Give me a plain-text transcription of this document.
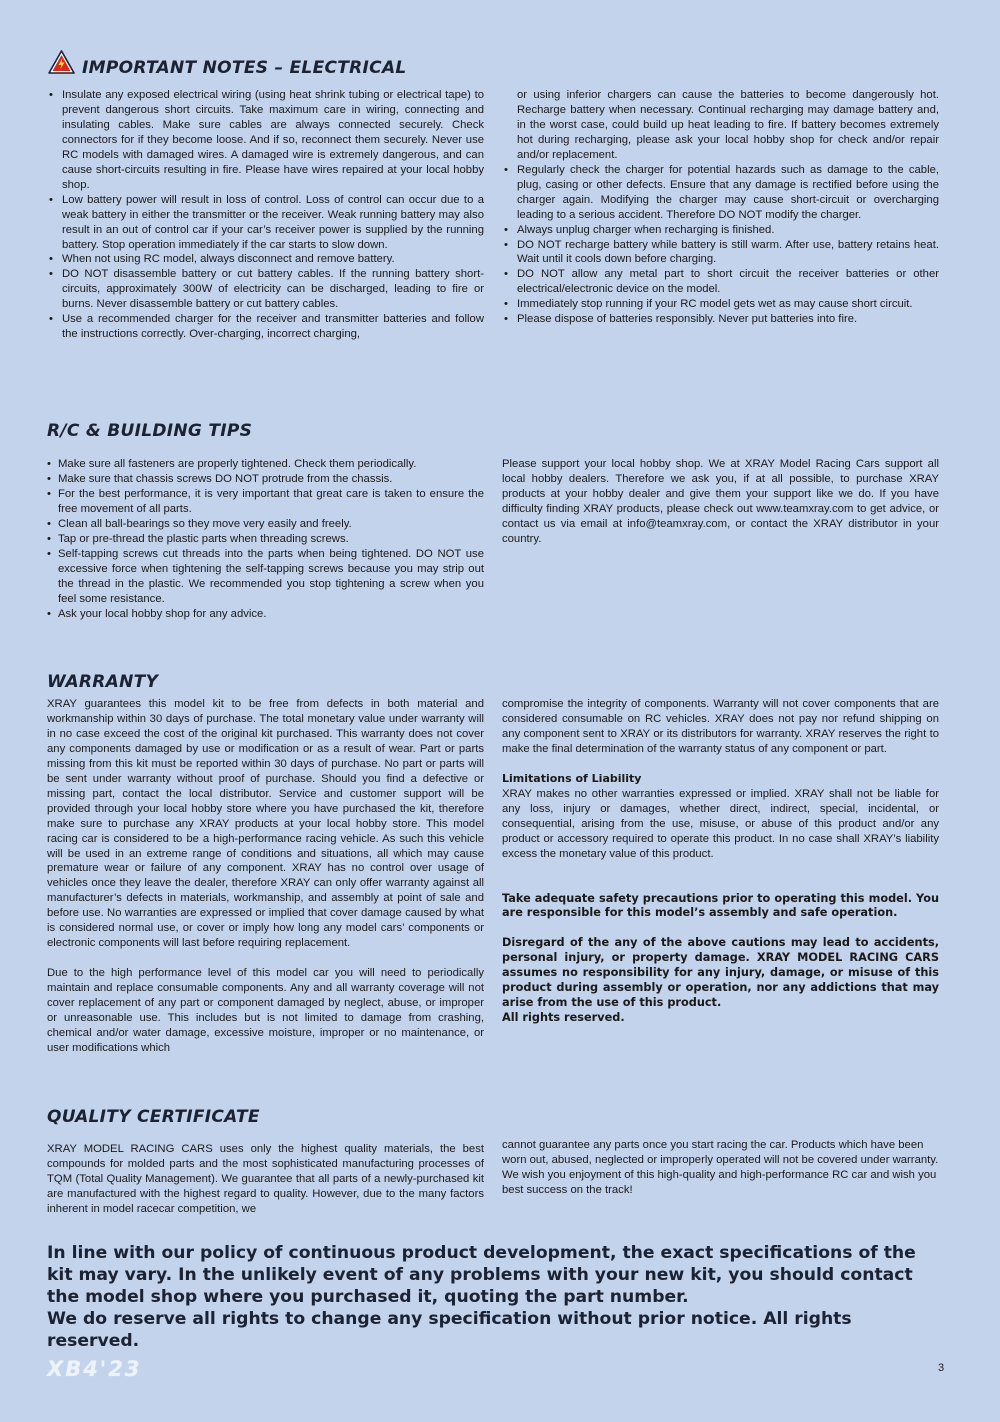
IMPORTANT NOTES – ELECTRICAL
• Insulate any exposed electrical wiring (using heat shrink tubing or electrical tape) to prevent dangerous short circuits. Take maximum care in wiring, connecting and insulating cables. Make sure cables are always connected securely. Check connectors for if they become loose. And if so, reconnect them securely. Never use RC models with damaged wires. A damaged wire is extremely dangerous, and can cause short-circuits resulting in fire. Please have wires repaired at your local hobby shop.
• Low battery power will result in loss of control. Loss of control can occur due to a weak battery in either the transmitter or the receiver. Weak running battery may also result in an out of control car if your car’s receiver power is supplied by the running battery. Stop operation immediately if the car starts to slow down.
• When not using RC model, always disconnect and remove battery.
• DO NOT disassemble battery or cut battery cables. If the running battery short-circuits, approximately 300W of electricity can be discharged, leading to fire or burns. Never disassemble battery or cut battery cables.
• Use a recommended charger for the receiver and transmitter batteries and follow the instructions correctly. Over-charging, incorrect charging,
or using inferior chargers can cause the batteries to become dangerously hot. Recharge battery when necessary. Continual recharging may damage battery and, in the worst case, could build up heat leading to fire. If battery becomes extremely hot during recharging, please ask your local hobby shop for check and/or repair and/or replacement.
• Regularly check the charger for potential hazards such as damage to the cable, plug, casing or other defects. Ensure that any damage is rectified before using the charger again. Modifying the charger may cause short-circuit or overcharging leading to a serious accident. Therefore DO NOT modify the charger.
• Always unplug charger when recharging is finished.
• DO NOT recharge battery while battery is still warm. After use, battery retains heat. Wait until it cools down before charging.
• DO NOT allow any metal part to short circuit the receiver batteries or other electrical/electronic device on the model.
• Immediately stop running if your RC model gets wet as may cause short circuit.
• Please dispose of batteries responsibly. Never put batteries into fire.
R/C & BUILDING TIPS
• Make sure all fasteners are properly tightened. Check them periodically.
• Make sure that chassis screws DO NOT protrude from the chassis.
• For the best performance, it is very important that great care is taken to ensure the free movement of all parts.
• Clean all ball-bearings so they move very easily and freely.
• Tap or pre-thread the plastic parts when threading screws.
• Self-tapping screws cut threads into the parts when being tightened. DO NOT use excessive force when tightening the self-tapping screws because you may strip out the thread in the plastic. We recommended you stop tightening a screw when you feel some resistance.
• Ask your local hobby shop for any advice.

Please support your local hobby shop. We at XRAY Model Racing Cars support all local hobby dealers. Therefore we ask you, if at all possible, to purchase XRAY products at your hobby dealer and give them your support like we do. If you have difficulty finding XRAY products, please check out www.teamxray.com to get advice, or contact us via email at info@teamxray.com, or contact the XRAY distributor in your country.

WARRANTY

XRAY guarantees this model kit to be free from defects in both material and workmanship within 30 days of purchase. The total monetary value under warranty will in no case exceed the cost of the original kit purchased. This warranty does not cover any components damaged by use or modification or as a result of wear. Part or parts missing from this kit must be reported within 30 days of purchase. No part or parts will be sent under warranty without proof of purchase. Should you find a defective or missing part, contact the local distributor. Service and customer support will be provided through your local hobby store where you have purchased the kit, therefore make sure to purchase any XRAY products at your local hobby store. This model racing car is considered to be a high-performance racing vehicle. As such this vehicle will be used in an extreme range of conditions and situations, all which may cause premature wear or failure of any component. XRAY has no control over usage of vehicles once they leave the dealer, therefore XRAY can only offer warranty against all manufacturer’s defects in materials, workmanship, and assembly at point of sale and before use. No warranties are expressed or implied that cover damage caused by what is considered normal use, or cover or imply how long any model cars’ components or electronic components will last before requiring replacement.

Due to the high performance level of this model car you will need to periodically maintain and replace consumable components. Any and all warranty coverage will not cover replacement of any part or component damaged by neglect, abuse, or improper or unreasonable use. This includes but is not limited to damage from crashing, chemical and/or water damage, excessive moisture, improper or no maintenance, or user modifications which

compromise the integrity of components. Warranty will not cover components that are considered consumable on RC vehicles. XRAY does not pay nor refund shipping on any component sent to XRAY or its distributors for warranty. XRAY reserves the right to make the final determination of the warranty status of any component or part.

Limitations of Liability

XRAY makes no other warranties expressed or implied. XRAY shall not be liable for any loss, injury or damages, whether direct, indirect, special, incidental, or consequential, arising from the use, misuse, or abuse of this product and/or any product or accessory required to operate this product. In no case shall XRAY’s liability excess the monetary value of this product.

Take adequate safety precautions prior to operating this model. You are responsible for this model’s assembly and safe operation.

Disregard of the any of the above cautions may lead to accidents, personal injury, or property damage. XRAY MODEL RACING CARS assumes no responsibility for any injury, damage, or misuse of this product during assembly or operation, nor any addictions that may arise from the use of this product.

All rights reserved.

QUALITY CERTIFICATE

XRAY MODEL RACING CARS uses only the highest quality materials, the best compounds for molded parts and the most sophisticated manufacturing processes of TQM (Total Quality Management). We guarantee that all parts of a newly-purchased kit are manufactured with the highest regard to quality. However, due to the many factors inherent in model racecar competition, we

cannot guarantee any parts once you start racing the car. Products which have been worn out, abused, neglected or improperly operated will not be covered under warranty.

We wish you enjoyment of this high-quality and high-performance RC car and wish you best success on the track!

In line with our policy of continuous product development, the exact specifications of the kit may vary. In the unlikely event of any problems with your new kit, you should contact the model shop where you purchased it, quoting the part number.

We do reserve all rights to change any specification without prior notice. All rights reserved.

XB4'23	3
